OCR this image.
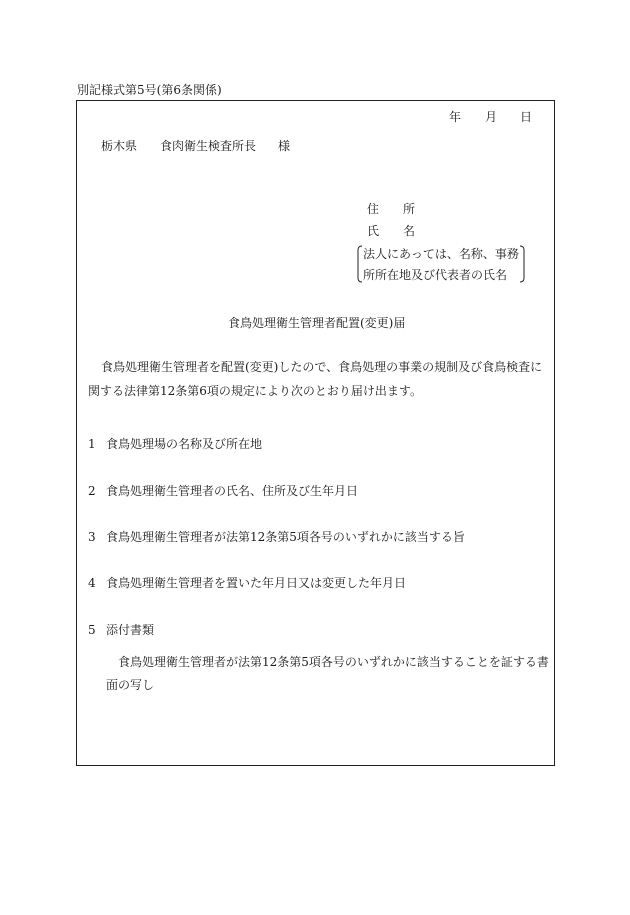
別記様式第5号(第6条関係)
年 月 日
栃木県 食肉衛生検査所長 様
住　　所
氏　　名
法人にあっては、名称、事務
所所在地及び代表者の氏名
食鳥処理衛生管理者配置(変更)届
食鳥処理衛生管理者を配置(変更)したので、食鳥処理の事業の規制及び食鳥検査に
関する法律第12条第6項の規定により次のとおり届け出ます。
1 食鳥処理場の名称及び所在地
2 食鳥処理衛生管理者の氏名、住所及び生年月日
3 食鳥処理衛生管理者が法第12条第5項各号のいずれかに該当する旨
4 食鳥処理衛生管理者を置いた年月日又は変更した年月日
5 添付書類
食鳥処理衛生管理者が法第12条第5項各号のいずれかに該当することを証する書
面の写し
